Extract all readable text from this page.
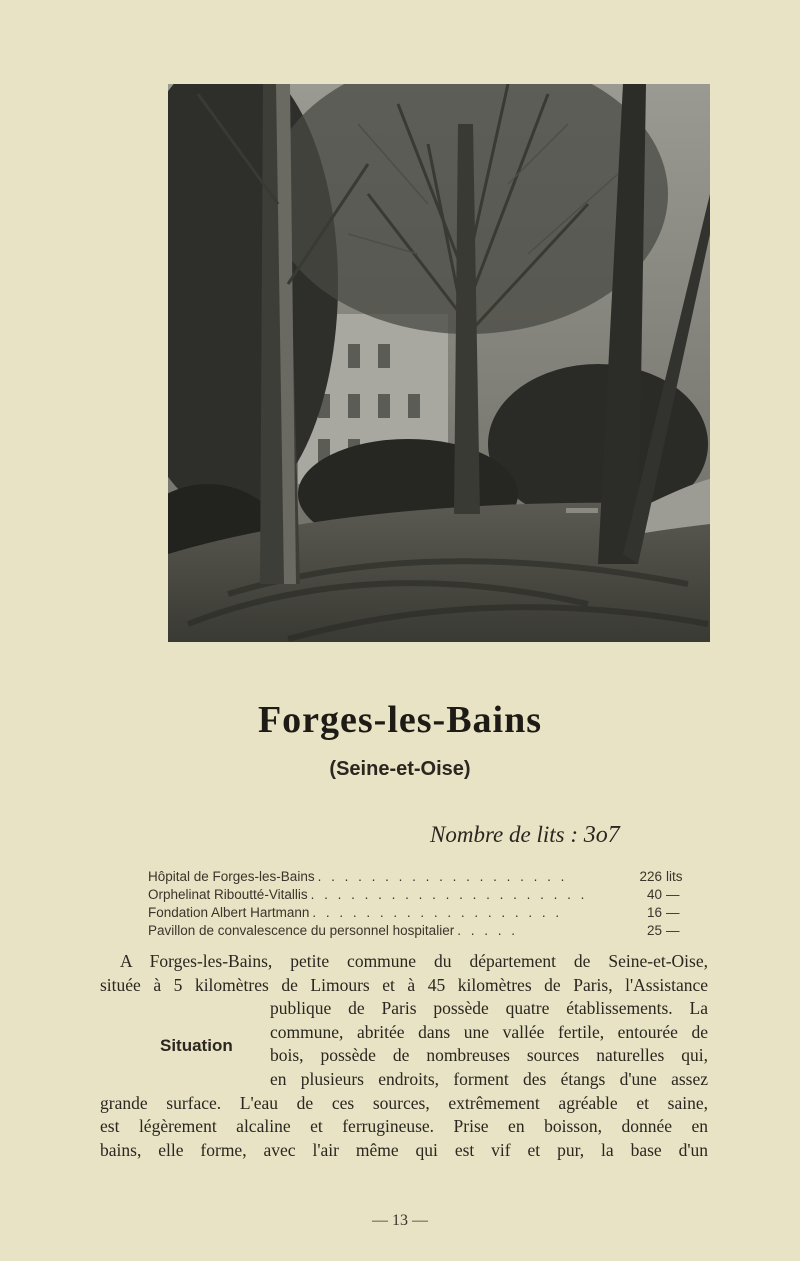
Forges-les-Bains
(Seine-et-Oise)
Nombre de lits : 3o7
Hôpital de Forges-les-Bains . . . . . . . . . . . . . . . . . . .	226 lits
Orphelinat Riboutté-Vitallis . . . . . . . . . . . . . . . . . . . . .	40 —
Fondation Albert Hartmann . . . . . . . . . . . . . . . . . . .	16 —
Pavillon de convalescence du personnel hospitalier . . . . .	25 —
Situation
A Forges-les-Bains, petite commune du département de Seine-et-Oise,
située à 5 kilomètres de Limours et à 45 kilomètres de Paris, l'Assistance
publique de Paris possède quatre établissements. La
commune, abritée dans une vallée fertile, entourée de
bois, possède de nombreuses sources naturelles qui,
en plusieurs endroits, forment des étangs d'une assez
grande surface. L'eau de ces sources, extrêmement agréable et saine,
est légèrement alcaline et ferrugineuse. Prise en boisson, donnée en
bains, elle forme, avec l'air même qui est vif et pur, la base d'un
— 13 —
